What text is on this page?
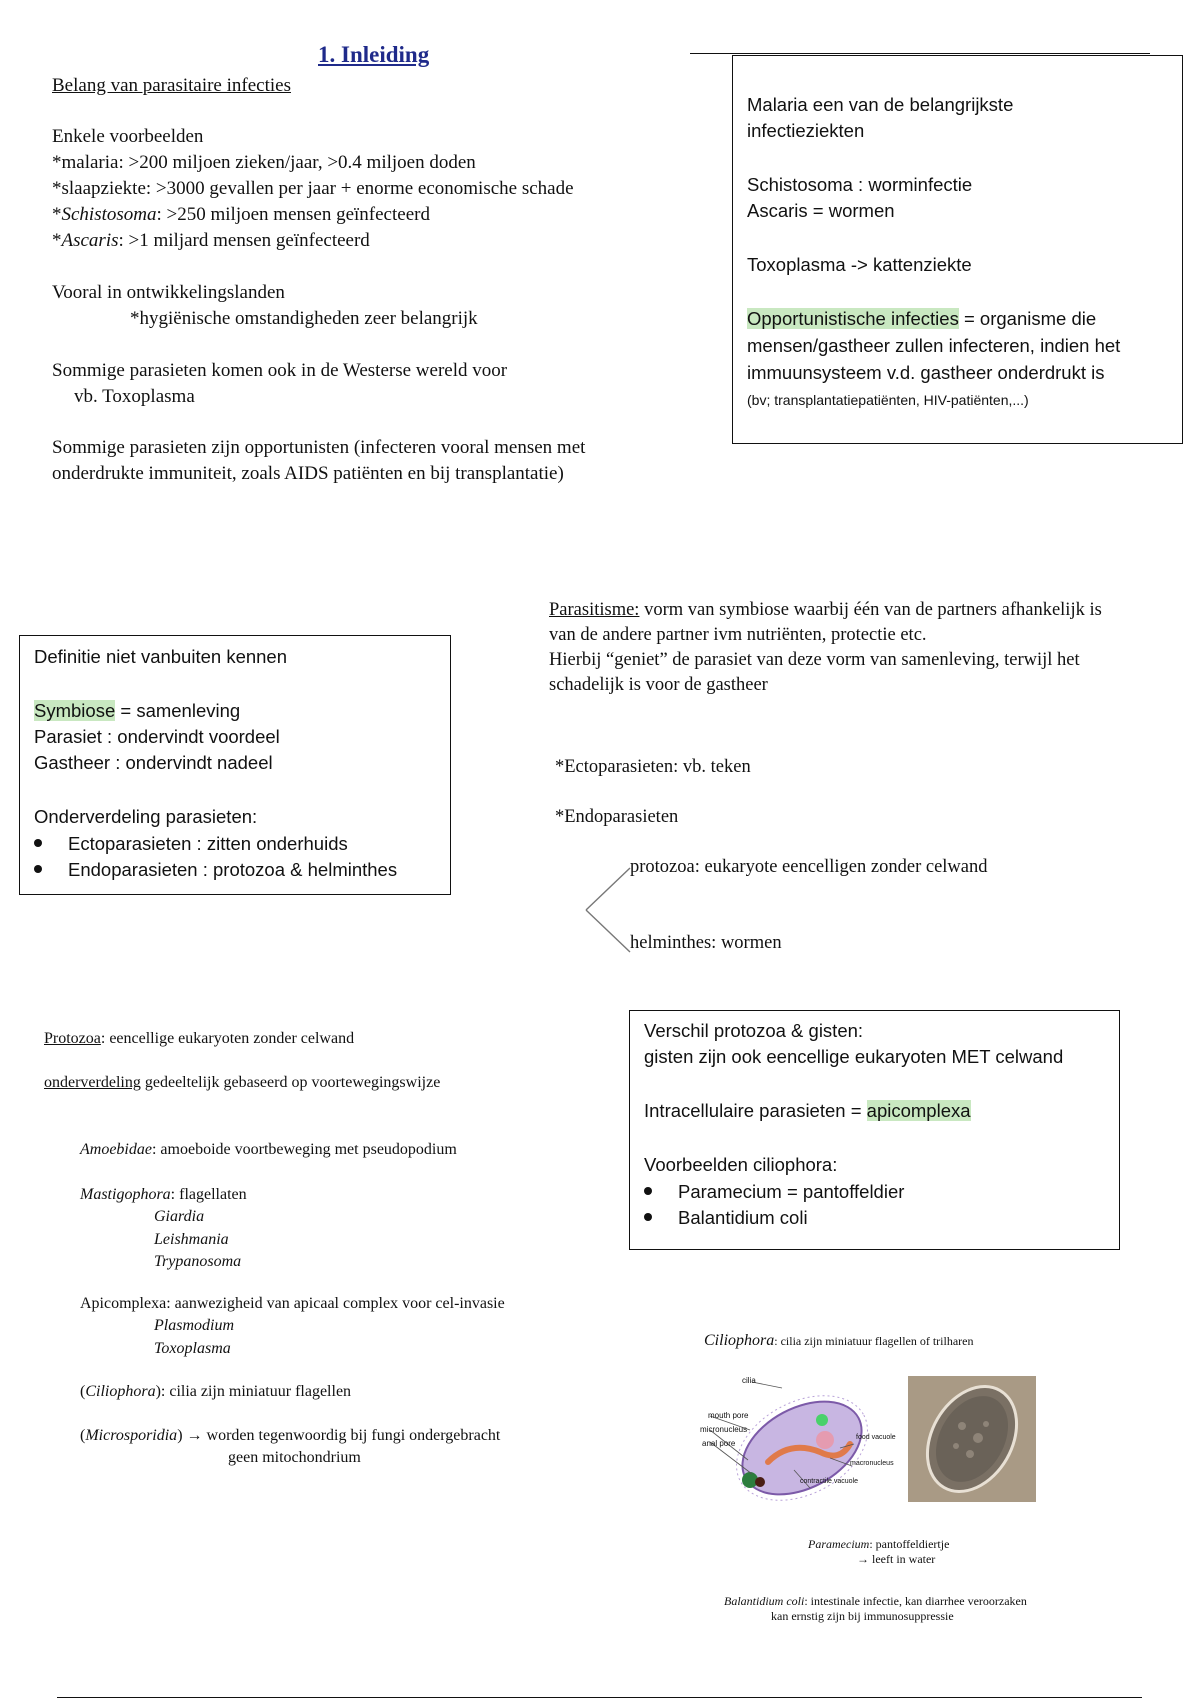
1. Inleiding
Belang van parasitaire infecties
Enkele voorbeelden
*malaria: >200 miljoen zieken/jaar, >0.4 miljoen doden
*slaapziekte: >3000 gevallen per jaar + enorme economische schade
*Schistosoma: >250 miljoen mensen geïnfecteerd
*Ascaris: >1 miljard mensen geïnfecteerd
Vooral in ontwikkelingslanden
*hygiënische omstandigheden zeer belangrijk
Sommige parasieten komen ook in de Westerse wereld voor
vb. Toxoplasma
Sommige parasieten zijn opportunisten (infecteren vooral mensen met
onderdrukte immuniteit, zoals AIDS patiënten en bij transplantatie)
Malaria een van de belangrijkste
infectieziekten
Schistosoma : worminfectie
Ascaris = wormen
Toxoplasma -> kattenziekte
Opportunistische infecties = organisme die
mensen/gastheer zullen infecteren, indien het
immuunsysteem v.d. gastheer onderdrukt is
(bv; transplantatiepatiënten, HIV-patiënten,...)
Definitie niet vanbuiten kennen
Symbiose = samenleving
Parasiet : ondervindt voordeel
Gastheer : ondervindt nadeel
Onderverdeling parasieten:
Ectoparasieten : zitten onderhuids
Endoparasieten : protozoa & helminthes
Parasitisme: vorm van symbiose waarbij één van de partners afhankelijk is
van de andere partner ivm nutriënten, protectie etc.
Hierbij “geniet” de parasiet van deze vorm van samenleving, terwijl het
schadelijk is voor de gastheer
*Ectoparasieten: vb. teken
*Endoparasieten
protozoa: eukaryote eencelligen zonder celwand
helminthes: wormen
Protozoa: eencellige eukaryoten zonder celwand
onderverdeling gedeeltelijk gebaseerd op voortewegingswijze
Amoebidae: amoeboide voortbeweging met pseudopodium
Mastigophora: flagellaten
Giardia
Leishmania
Trypanosoma
Apicomplexa: aanwezigheid van apicaal complex voor cel-invasie
Plasmodium
Toxoplasma
(Ciliophora): cilia zijn miniatuur flagellen
(Microsporidia) → worden tegenwoordig bij fungi ondergebracht
geen mitochondrium
Verschil protozoa & gisten:
gisten zijn ook eencellige eukaryoten MET celwand
Intracellulaire parasieten = apicomplexa
Voorbeelden ciliophora:
Paramecium = pantoffeldier
Balantidium coli
Ciliophora: cilia zijn miniatuur flagellen of trilharen
cilia
mouth pore
micronucleus
anal pore
food vacuole
macronucleus
contractile vacuole
Paramecium: pantoffeldiertje
→ leeft in water
Balantidium coli: intestinale infectie, kan diarrhee veroorzaken
kan ernstig zijn bij immunosuppressie
